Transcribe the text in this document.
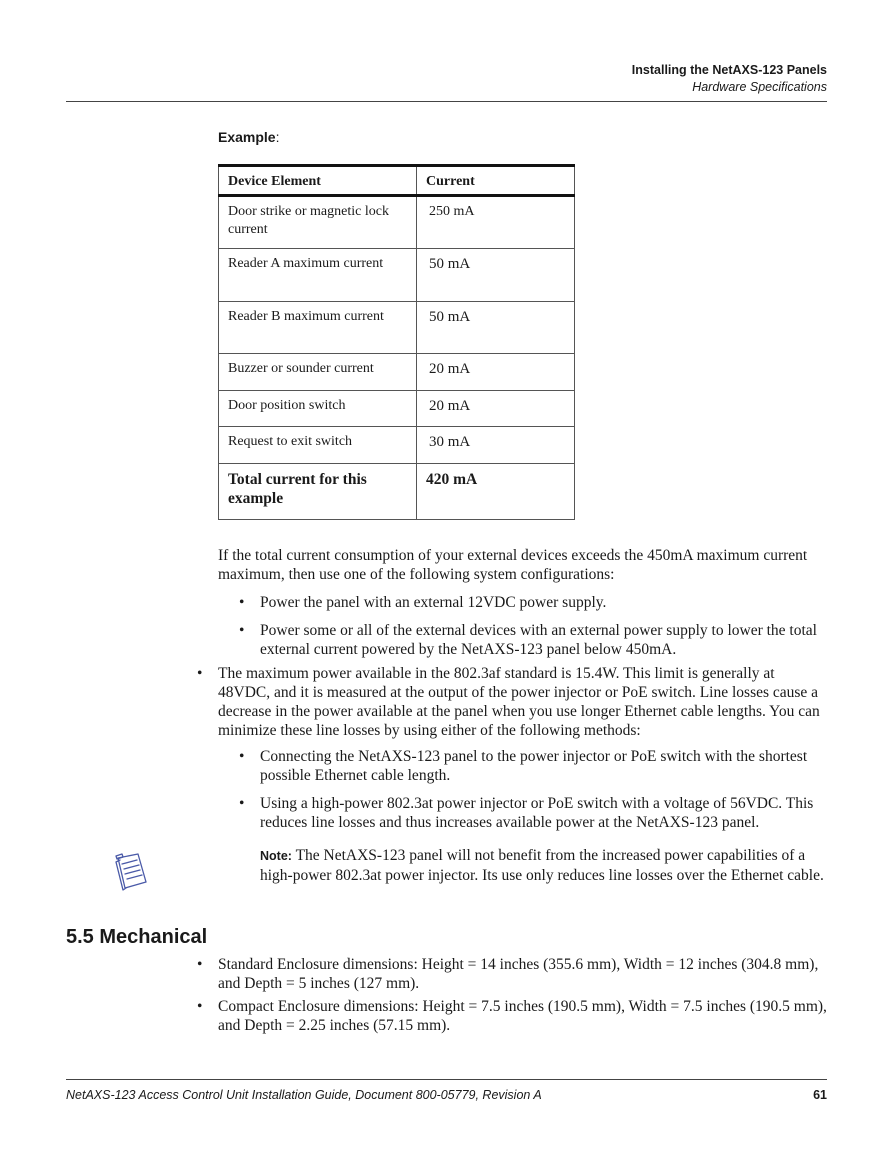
Installing the NetAXS-123 Panels
Hardware Specifications
Example:
Device Element	Current
Door strike or magnetic lock current	250 mA
Reader A maximum current	50 mA
Reader B maximum current	50 mA
Buzzer or sounder current	20 mA
Door position switch	20 mA
Request to exit switch	30 mA
Total current for this example	420 mA

If the total current consumption of your external devices exceeds the 450mA maximum current maximum, then use one of the following system configurations:

• Power the panel with an external 12VDC power supply.
• Power some or all of the external devices with an external power supply to lower the total external current powered by the NetAXS-123 panel below 450mA.
• The maximum power available in the 802.3af standard is 15.4W. This limit is generally at 48VDC, and it is measured at the output of the power injector or PoE switch. Line losses cause a decrease in the power available at the panel when you use longer Ethernet cable lengths. You can minimize these line losses by using either of the following methods:
• Connecting the NetAXS-123 panel to the power injector or PoE switch with the shortest possible Ethernet cable length.
• Using a high-power 802.3at power injector or PoE switch with a voltage of 56VDC. This reduces line losses and thus increases available power at the NetAXS-123 panel.
Note: The NetAXS-123 panel will not benefit from the increased power capabilities of a high-power 802.3at power injector. Its use only reduces line losses over the Ethernet cable.
5.5 Mechanical
• Standard Enclosure dimensions: Height = 14 inches (355.6 mm), Width = 12 inches (304.8 mm), and Depth = 5 inches (127 mm).
• Compact Enclosure dimensions: Height = 7.5 inches (190.5 mm), Width = 7.5 inches (190.5 mm), and Depth = 2.25 inches (57.15 mm).
NetAXS-123 Access Control Unit Installation Guide, Document 800-05779, Revision A	61
